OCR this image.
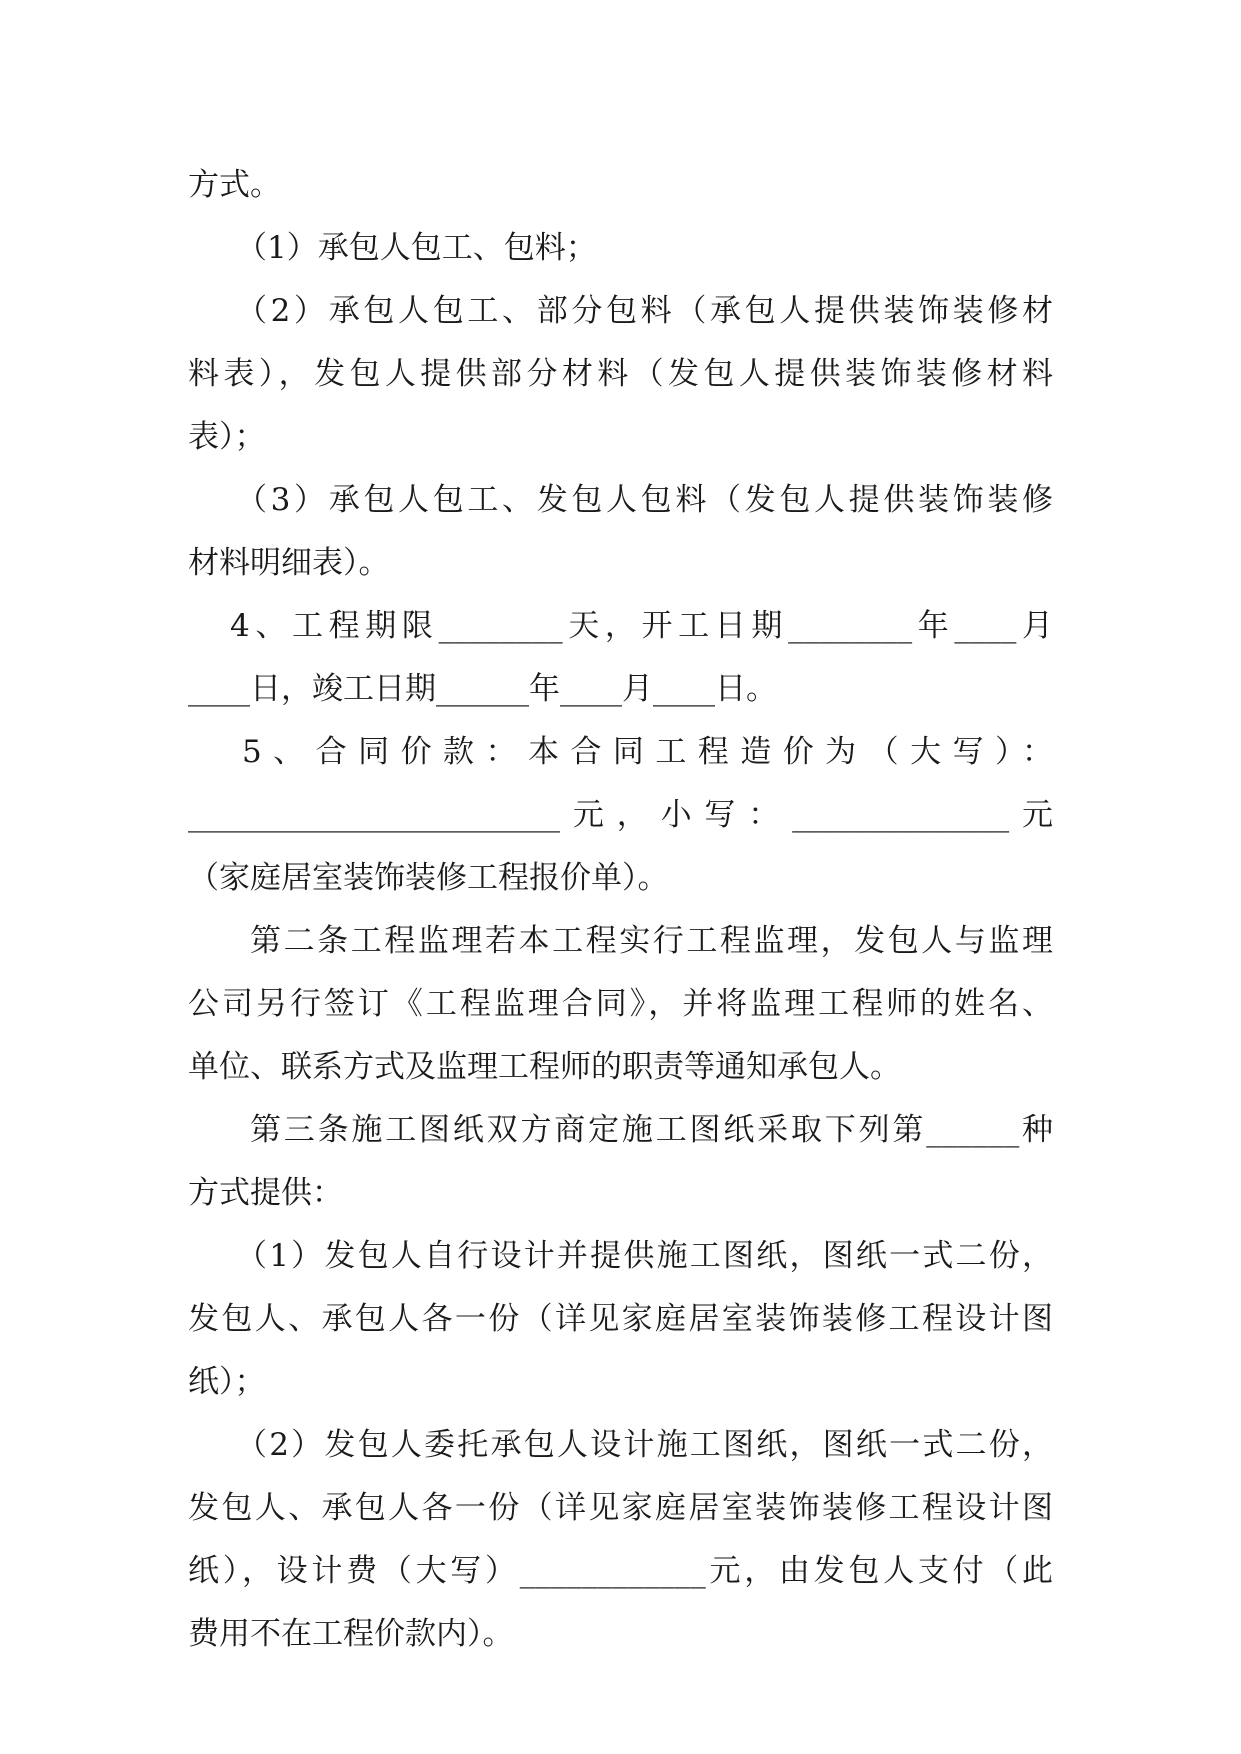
方式。
（1）承包人包工、包料；
（2）承包人包工、部分包料（承包人提供装饰装修材
料表），发包人提供部分材料（发包人提供装饰装修材料
表）；
（3）承包人包工、发包人包料（发包人提供装饰装修
材料明细表）。
4、工程期限________天，开工日期________年____月
____日，竣工日期______年____月____日。
5、合同价款：本合同工程造价为（大写）：
________________________元，小写：______________元
（家庭居室装饰装修工程报价单）。
第二条工程监理若本工程实行工程监理，发包人与监理
公司另行签订《工程监理合同》，并将监理工程师的姓名、
单位、联系方式及监理工程师的职责等通知承包人。
第三条施工图纸双方商定施工图纸采取下列第______种
方式提供：
（1）发包人自行设计并提供施工图纸，图纸一式二份，
发包人、承包人各一份（详见家庭居室装饰装修工程设计图
纸）；
（2）发包人委托承包人设计施工图纸，图纸一式二份，
发包人、承包人各一份（详见家庭居室装饰装修工程设计图
纸），设计费（大写）____________元，由发包人支付（此
费用不在工程价款内）。
